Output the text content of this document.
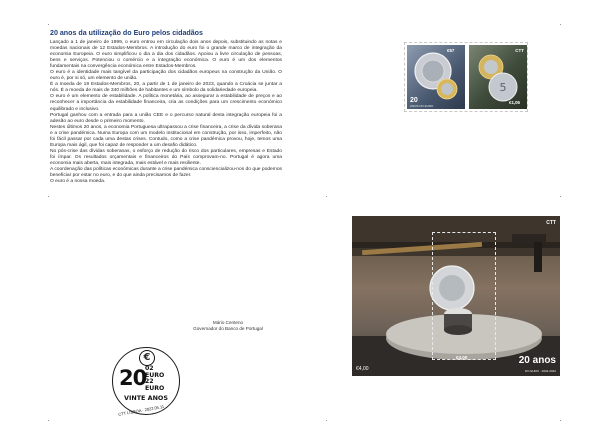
20 anos da utilização do Euro pelos cidadãos

Lançado a 1 de janeiro de 1999, o euro entrou em circulação dois anos depois, substituindo as notas e moedas nacionais de 12 Estados-Membros. A introdução do euro foi o grande marco de integração da economia Europeia. O euro simplificou o dia a dia dos cidadãos. Apoiou a livre circulação de pessoas, bens e serviços. Potenciou o comércio e a integração económica. O euro é um dos elementos fundamentais na convergência económica entre Estados-Membros.

O euro é a identidade mais tangível da participação dos cidadãos europeus na construção da União. O euro é, por si só, um elemento de união.

É a moeda de 19 Estados-Membros, 20, a partir de 1 de janeiro de 2023, quando a Croácia se juntar a nós. É a moeda de mais de 340 milhões de habitantes e um símbolo da solidariedade europeia.

O euro é um elemento de estabilidade. A política monetária, ao assegurar a estabilidade de preços e ao reconhecer a importância da estabilidade financeira, cria as condições para um crescimento económico equilibrado e inclusivo.

Portugal ganhou com a entrada para a união CEE e o percurso natural desta integração europeia foi a adesão ao euro desde o primeiro momento.

Nestes últimos 20 anos, a economia Portuguesa ultrapassou a crise financeira, a crise da dívida soberana e a crise pandémica. Numa Europa com um modelo institucional em construção, por isso, imperfeito, não foi fácil passar por cada uma destas crises. Contudo, como a crise pandémica provou, hoje, temos uma Europa mais ágil, que foi capaz de responder a um desafio didático.

No pós-crise das dívidas soberanas, o esforço de redução do risco dos particulares, empresas e Estado foi ímpar. Os resultados orçamentais e financeiros do País comprovam-no. Portugal é agora uma economia mais aberta, mais integrada, mais estável e mais resiliente.

A coordenação das políticas económicas durante a crise pandémica consciencializou-nos do que podemos beneficiar por estar no euro, e do que ainda precisamos de fazer.

O euro é a nossa moeda.

Mário Centeno
Governador do Banco de Portugal
€
20
02
EURO
22
EURO
VINTE ANOS
CTT LISBOA · 2022.05.11
€57
20
ANOS DO EURO
5
CTT
€1,05
CTT
€4,00
€4,00
20 anos
DO EURO · 2002-2022
